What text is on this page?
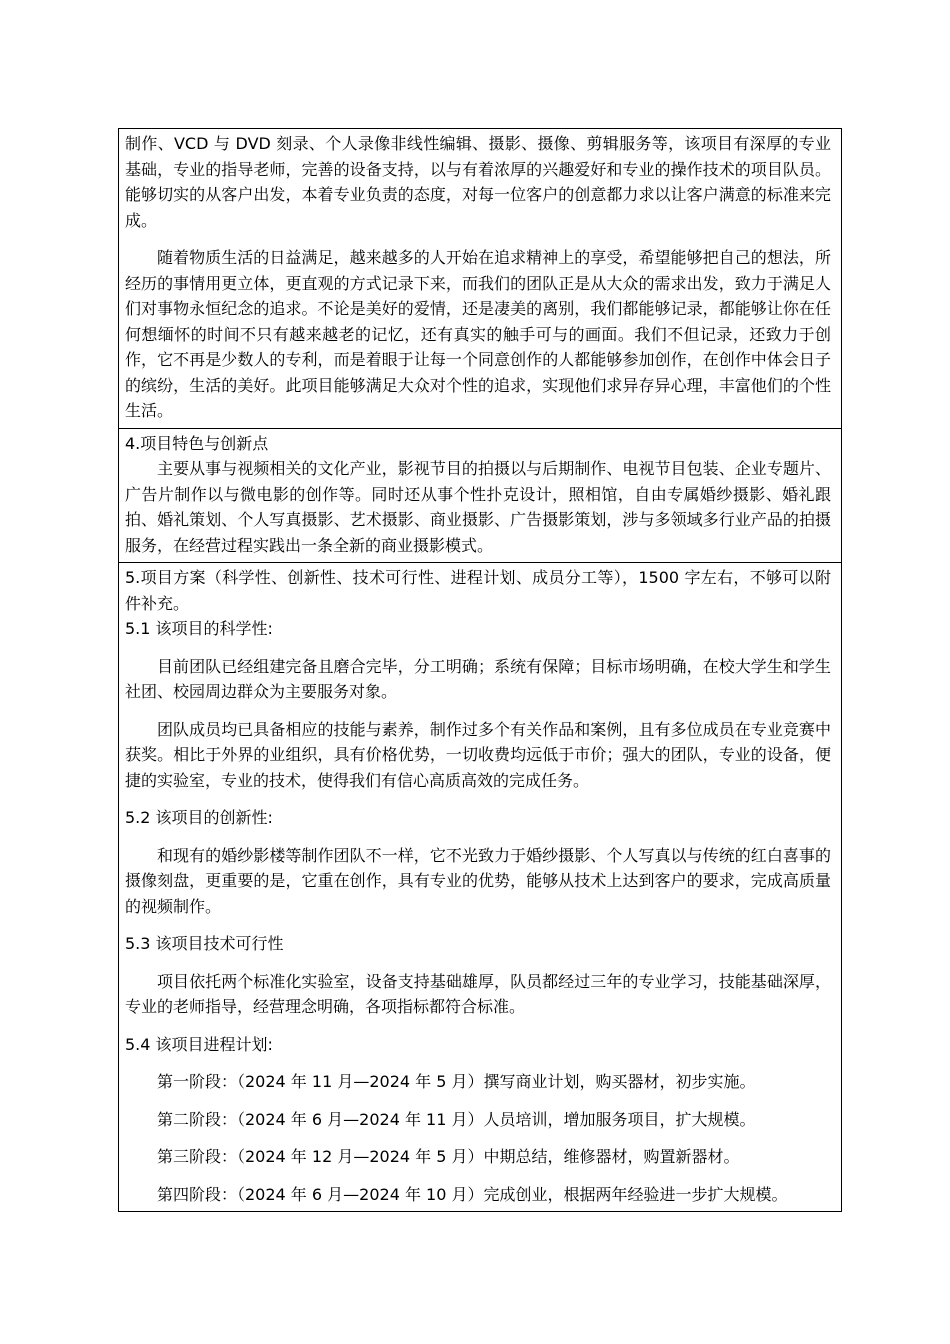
制作、VCD 与 DVD 刻录、个人录像非线性编辑、摄影、摄像、剪辑服务等，该项目有深厚的专业基础，专业的指导老师，完善的设备支持，以与有着浓厚的兴趣爱好和专业的操作技术的项目队员。能够切实的从客户出发，本着专业负责的态度，对每一位客户的创意都力求以让客户满意的标准来完成。

随着物质生活的日益满足，越来越多的人开始在追求精神上的享受，希望能够把自己的想法，所经历的事情用更立体，更直观的方式记录下来，而我们的团队正是从大众的需求出发，致力于满足人们对事物永恒纪念的追求。不论是美好的爱情，还是凄美的离别，我们都能够记录，都能够让你在任何想缅怀的时间不只有越来越老的记忆，还有真实的触手可与的画面。我们不但记录，还致力于创作，它不再是少数人的专利，而是着眼于让每一个同意创作的人都能够参加创作，在创作中体会日子的缤纷，生活的美好。此项目能够满足大众对个性的追求，实现他们求异存异心理，丰富他们的个性生活。

4.项目特色与创新点

主要从事与视频相关的文化产业，影视节目的拍摄以与后期制作、电视节目包装、企业专题片、广告片制作以与微电影的创作等。同时还从事个性扑克设计，照相馆，自由专属婚纱摄影、婚礼跟拍、婚礼策划、个人写真摄影、艺术摄影、商业摄影、广告摄影策划，涉与多领域多行业产品的拍摄服务，在经营过程实践出一条全新的商业摄影模式。

5.项目方案（科学性、创新性、技术可行性、进程计划、成员分工等），1500 字左右，不够可以附件补充。

5.1 该项目的科学性:

目前团队已经组建完备且磨合完毕，分工明确；系统有保障；目标市场明确，在校大学生和学生社团、校园周边群众为主要服务对象。

团队成员均已具备相应的技能与素养，制作过多个有关作品和案例，且有多位成员在专业竞赛中获奖。相比于外界的业组织，具有价格优势，一切收费均远低于市价；强大的团队，专业的设备，便捷的实验室，专业的技术，使得我们有信心高质高效的完成任务。

5.2 该项目的创新性:

和现有的婚纱影楼等制作团队不一样，它不光致力于婚纱摄影、个人写真以与传统的红白喜事的摄像刻盘，更重要的是，它重在创作，具有专业的优势，能够从技术上达到客户的要求，完成高质量的视频制作。

5.3 该项目技术可行性

项目依托两个标准化实验室，设备支持基础雄厚，队员都经过三年的专业学习，技能基础深厚，专业的老师指导，经营理念明确，各项指标都符合标准。

5.4 该项目进程计划:

第一阶段：（2024 年 11 月—2024 年 5 月）撰写商业计划，购买器材，初步实施。

第二阶段：（2024 年 6 月—2024 年 11 月）人员培训，增加服务项目，扩大规模。

第三阶段：（2024 年 12 月—2024 年 5 月）中期总结，维修器材，购置新器材。

第四阶段：（2024 年 6 月—2024 年 10 月）完成创业，根据两年经验进一步扩大规模。
